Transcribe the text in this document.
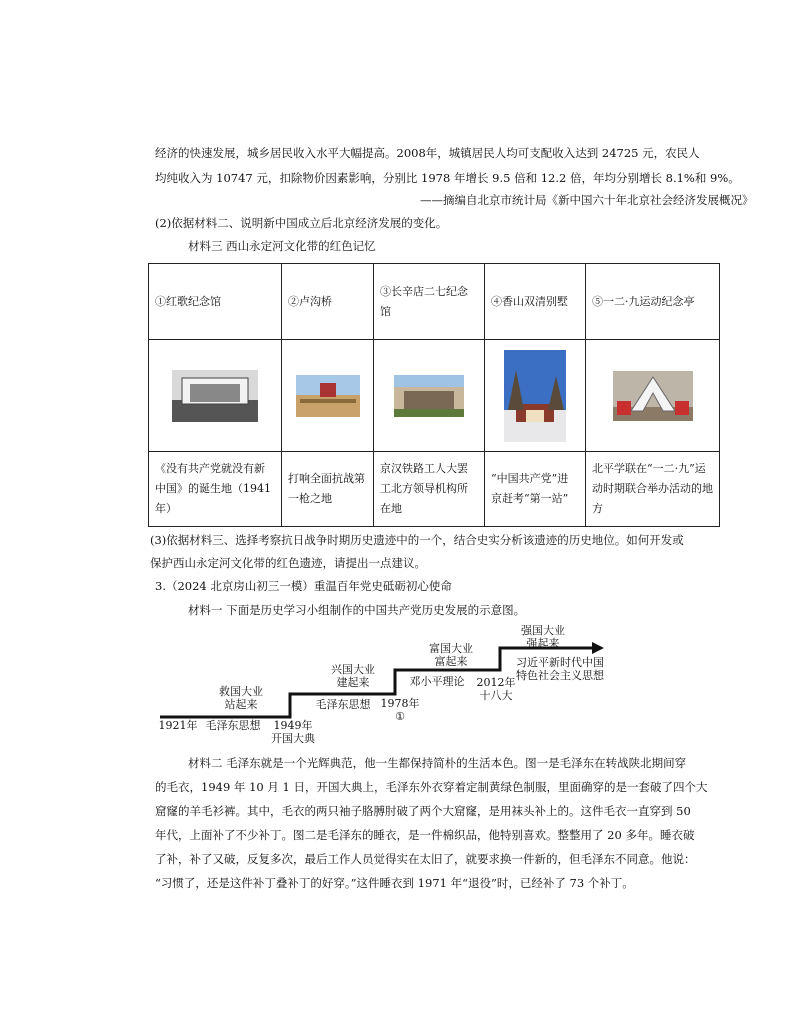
经济的快速发展，城乡居民收入水平大幅提高。2008年，城镇居民人均可支配收入达到 24725 元，农民人
均纯收入为 10747 元，扣除物价因素影响，分别比 1978 年增长 9.5 倍和 12.2 倍，年均分别增长 8.1%和 9%。
——摘编自北京市统计局《新中国六十年北京社会经济发展概况》
(2)依据材料二、说明新中国成立后北京经济发展的变化。
材料三 西山永定河文化带的红色记忆
①红歌纪念馆	②卢沟桥	③长辛店二七纪念馆	④香山双清别墅	⑤一二·九运动纪念亭

《没有共产党就没有新中国》的诞生地（1941年）	打响全面抗战第一枪之地	京汉铁路工人大罢工北方领导机构所在地	“中国共产党”进京赶考“第一站”	北平学联在“一二·九”运动时期联合举办活动的地方
(3)依据材料三、选择考察抗日战争时期历史遗迹中的一个，结合史实分析该遗迹的历史地位。如何开发或
保护西山永定河文化带的红色遗迹，请提出一点建议。
3.（2024 北京房山初三一模）重温百年党史砥砺初心使命
材料一 下面是历史学习小组制作的中国共产党历史发展的示意图。
救国大业
站起来
兴国大业
建起来
富国大业
富起来
强国大业
强起来
1921年 毛泽东思想	1949年
开国大典
毛泽东思想 1978年
①
邓小平理论	2012年
十八大
习近平新时代中国
特色社会主义思想
材料二 毛泽东就是一个光辉典范，他一生都保持简朴的生活本色。图一是毛泽东在转战陕北期间穿
的毛衣，1949 年 10 月 1 日，开国大典上，毛泽东外衣穿着定制黄绿色制服，里面确穿的是一套破了四个大
窟窿的羊毛衫裤。其中，毛衣的两只袖子胳膊肘破了两个大窟窿，是用袜头补上的。这件毛衣一直穿到 50
年代，上面补了不少补丁。图二是毛泽东的睡衣，是一件棉织品，他特别喜欢。整整用了 20 多年。睡衣破
了补，补了又破，反复多次，最后工作人员觉得实在太旧了，就要求换一件新的，但毛泽东不同意。他说：
“习惯了，还是这件补丁叠补丁的好穿。”这件睡衣到 1971 年“退役”时，已经补了 73 个补丁。
